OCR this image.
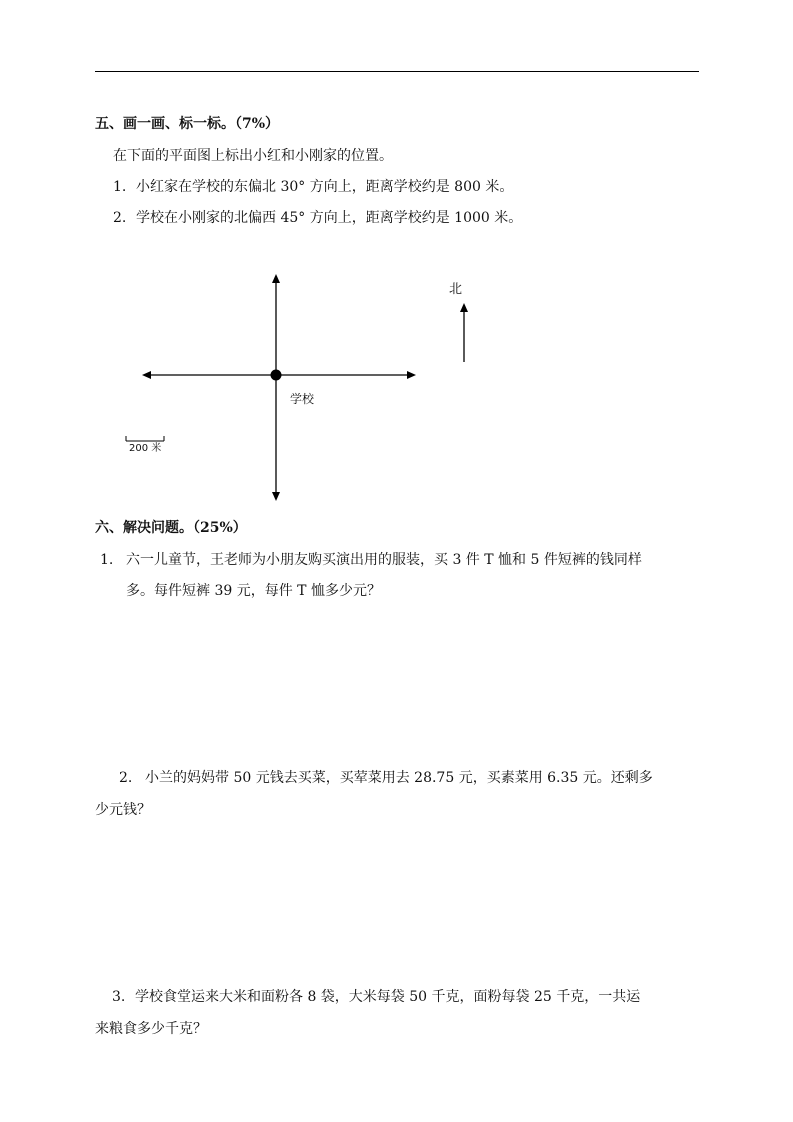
五、画一画、标一标。（7%）
在下面的平面图上标出小红和小刚家的位置。
1. 小红家在学校的东偏北 30° 方向上，距离学校约是 800 米。
2. 学校在小刚家的北偏西 45° 方向上，距离学校约是 1000 米。
北
学校
200 米
六、解决问题。（25%）
1. 六一儿童节，王老师为小朋友购买演出用的服装，买 3 件 T 恤和 5 件短裤的钱同样
多。每件短裤 39 元，每件 T 恤多少元？
2. 小兰的妈妈带 50 元钱去买菜，买荤菜用去 28.75 元，买素菜用 6.35 元。还剩多
少元钱？
3. 学校食堂运来大米和面粉各 8 袋，大米每袋 50 千克，面粉每袋 25 千克，一共运
来粮食多少千克？
